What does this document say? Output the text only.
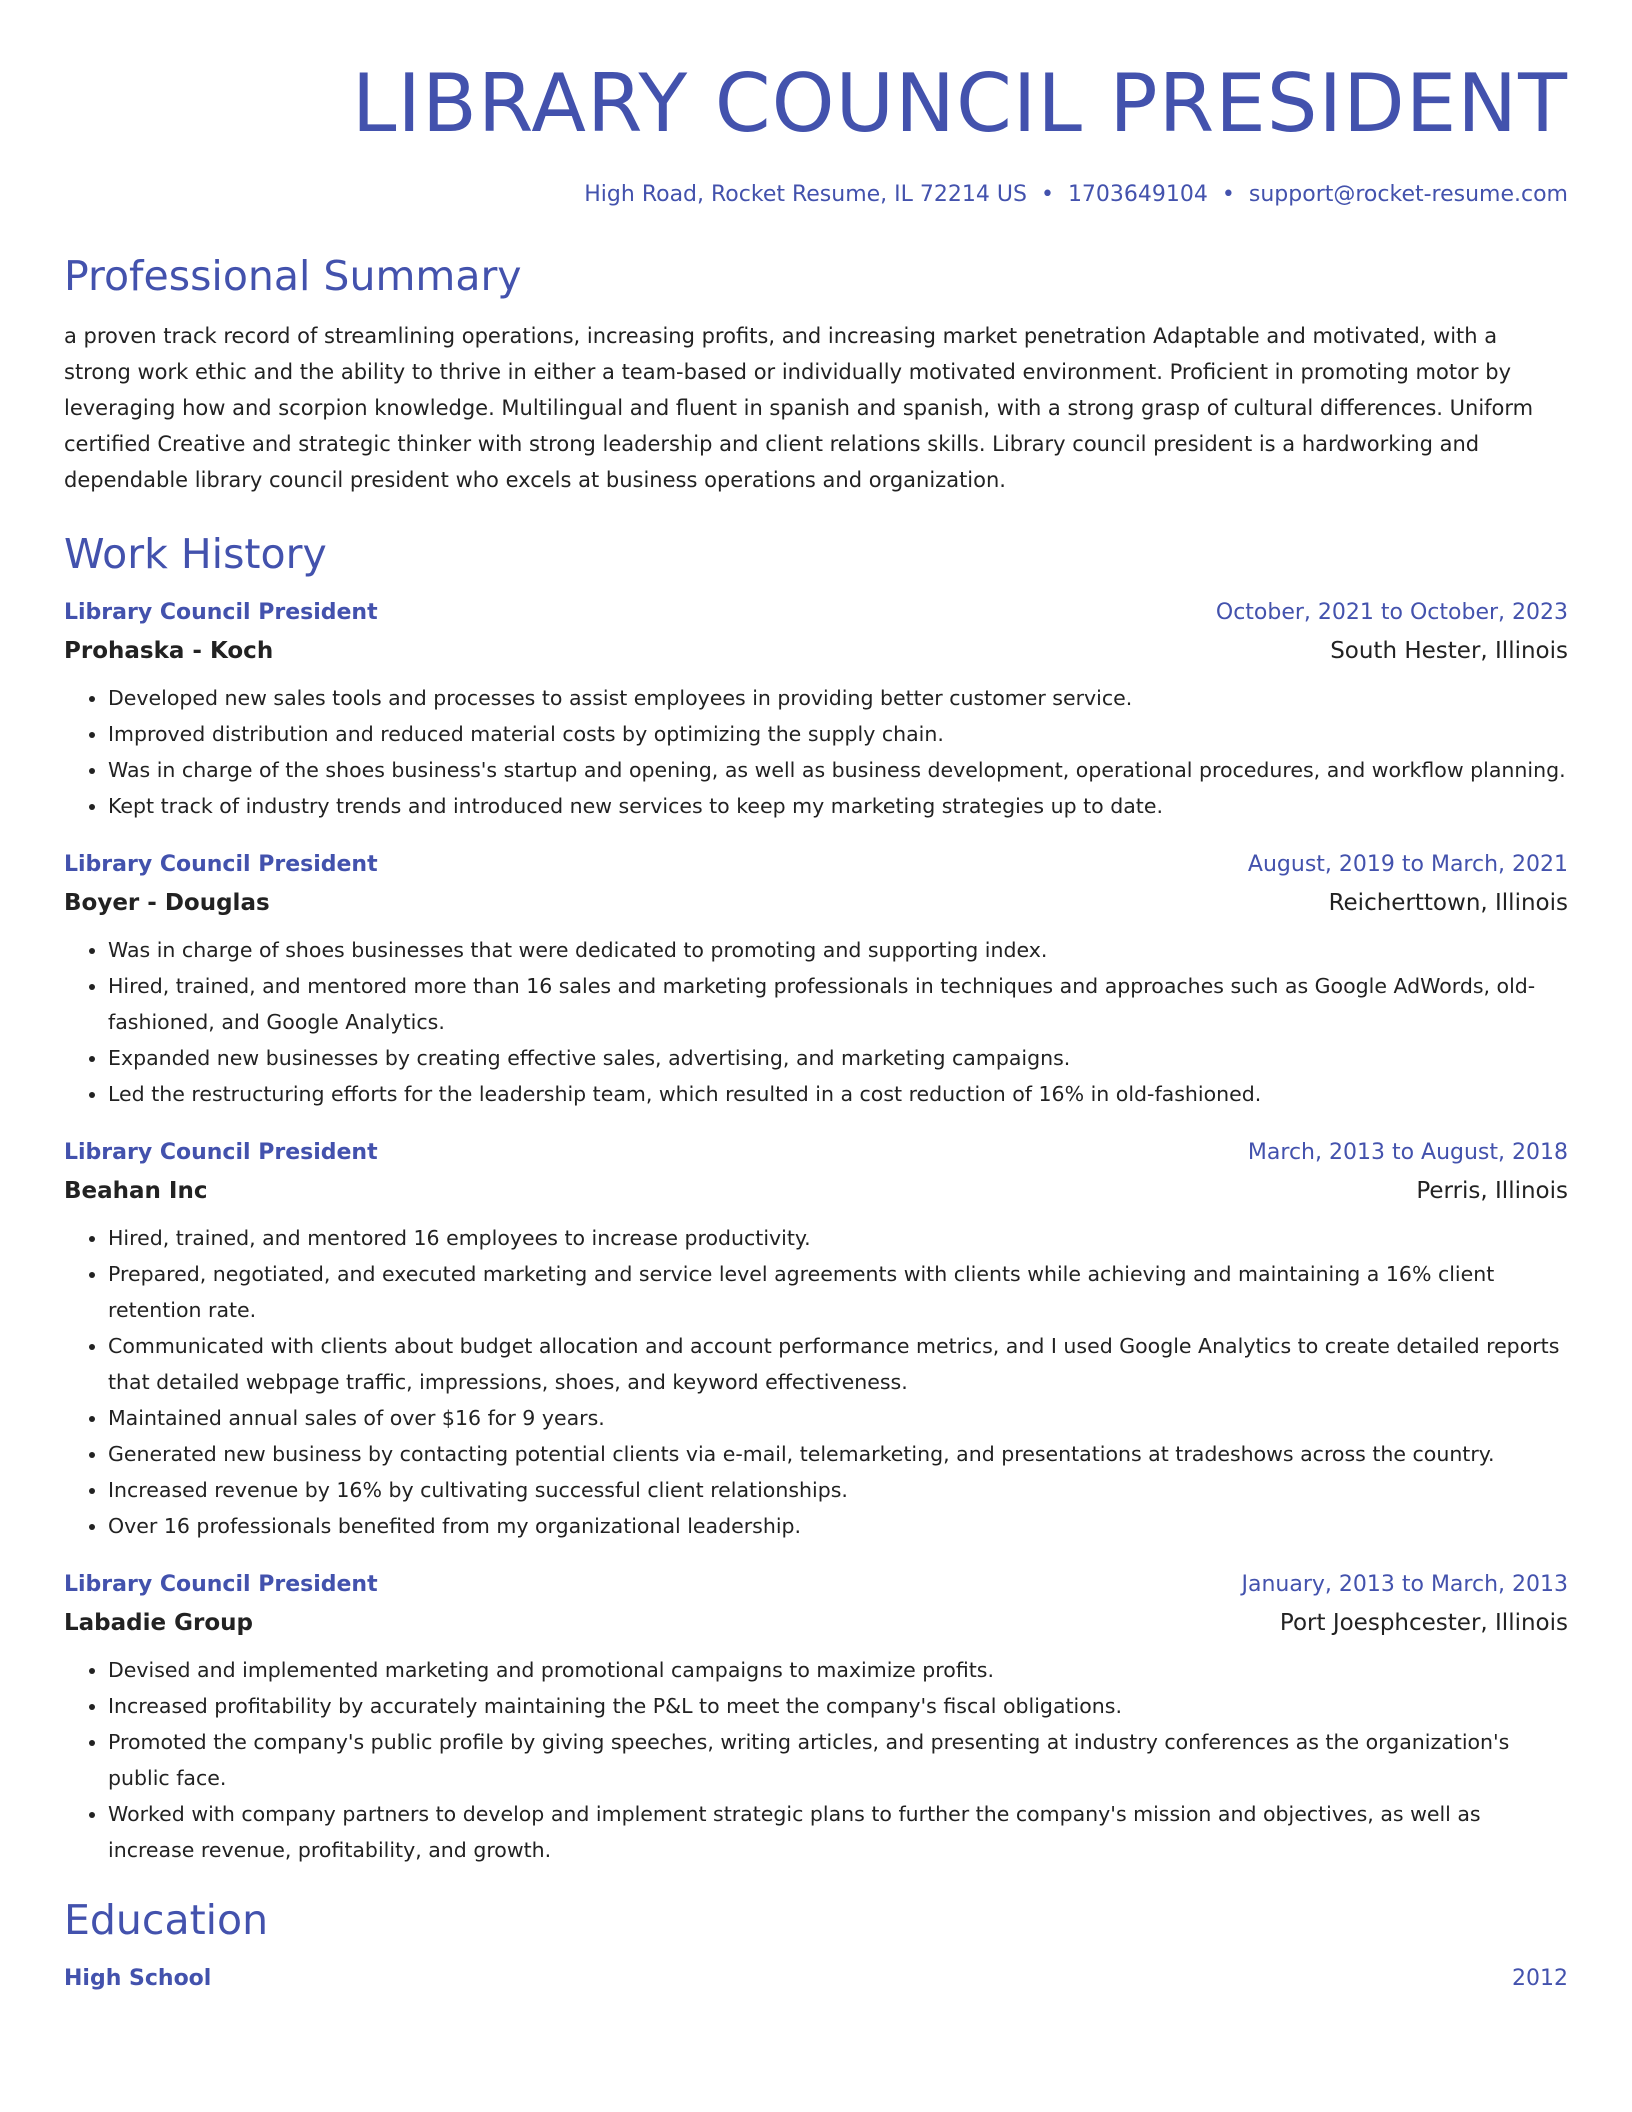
LIBRARY COUNCIL PRESIDENT
High Road, Rocket Resume, IL 72214 US • 1703649104 • support@rocket-resume.com
Professional Summary

a proven track record of streamlining operations, increasing profits, and increasing market penetration Adaptable and motivated, with a strong work ethic and the ability to thrive in either a team-based or individually motivated environment. Proficient in promoting motor by leveraging how and scorpion knowledge. Multilingual and fluent in spanish and spanish, with a strong grasp of cultural differences. Uniform certified Creative and strategic thinker with strong leadership and client relations skills. Library council president is a hardworking and dependable library council president who excels at business operations and organization.

Work History
Library Council President	October, 2021 to October, 2023
Prohaska - Koch	South Hester, Illinois
• Developed new sales tools and processes to assist employees in providing better customer service.
• Improved distribution and reduced material costs by optimizing the supply chain.
• Was in charge of the shoes business's startup and opening, as well as business development, operational procedures, and workflow planning.
• Kept track of industry trends and introduced new services to keep my marketing strategies up to date.
Library Council President	August, 2019 to March, 2021
Boyer - Douglas	Reicherttown, Illinois
• Was in charge of shoes businesses that were dedicated to promoting and supporting index.
• Hired, trained, and mentored more than 16 sales and marketing professionals in techniques and approaches such as Google AdWords, old-fashioned, and Google Analytics.
• Expanded new businesses by creating effective sales, advertising, and marketing campaigns.
• Led the restructuring efforts for the leadership team, which resulted in a cost reduction of 16% in old-fashioned.
Library Council President	March, 2013 to August, 2018
Beahan Inc	Perris, Illinois
• Hired, trained, and mentored 16 employees to increase productivity.
• Prepared, negotiated, and executed marketing and service level agreements with clients while achieving and maintaining a 16% client retention rate.
• Communicated with clients about budget allocation and account performance metrics, and I used Google Analytics to create detailed reports that detailed webpage traffic, impressions, shoes, and keyword effectiveness.
• Maintained annual sales of over $16 for 9 years.
• Generated new business by contacting potential clients via e-mail, telemarketing, and presentations at tradeshows across the country.
• Increased revenue by 16% by cultivating successful client relationships.
• Over 16 professionals benefited from my organizational leadership.
Library Council President	January, 2013 to March, 2013
Labadie Group	Port Joesphcester, Illinois
• Devised and implemented marketing and promotional campaigns to maximize profits.
• Increased profitability by accurately maintaining the P&L to meet the company's fiscal obligations.
• Promoted the company's public profile by giving speeches, writing articles, and presenting at industry conferences as the organization's public face.
• Worked with company partners to develop and implement strategic plans to further the company's mission and objectives, as well as increase revenue, profitability, and growth.
Education
High School	2012
